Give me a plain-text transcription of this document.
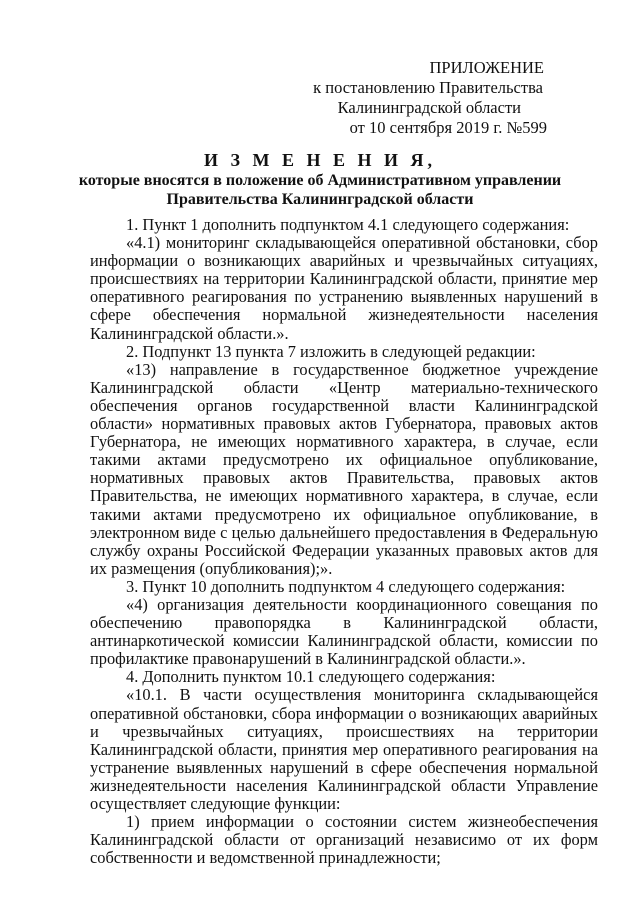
ПРИЛОЖЕНИЕ
к постановлению Правительства
Калининградской области
от 10 сентября 2019 г. №599
И З М Е Н Е Н И Я,
которые вносятся в положение об Административном управлении
Правительства Калининградской области

1. Пункт 1 дополнить подпунктом 4.1 следующего содержания:

«4.1) мониторинг складывающейся оперативной обстановки, сбор информации о возникающих аварийных и чрезвычайных ситуациях, происшествиях на территории Калининградской области, принятие мер оперативного реагирования по устранению выявленных нарушений в сфере обеспечения нормальной жизнедеятельности населения Калининградской области.».

2. Подпункт 13 пункта 7 изложить в следующей редакции:

«13) направление в государственное бюджетное учреждение Калининградской области «Центр материально-технического обеспечения органов государственной власти Калининградской области» нормативных правовых актов Губернатора, правовых актов Губернатора, не имеющих нормативного характера, в случае, если такими актами предусмотрено их официальное опубликование, нормативных правовых актов Правительства, правовых актов Правительства, не имеющих нормативного характера, в случае, если такими актами предусмотрено их официальное опубликование, в электронном виде с целью дальнейшего предоставления в Федеральную службу охраны Российской Федерации указанных правовых актов для их размещения (опубликования);».

3. Пункт 10 дополнить подпунктом 4 следующего содержания:

«4) организация деятельности координационного совещания по обеспечению правопорядка в Калининградской области, антинаркотической комиссии Калининградской области, комиссии по профилактике правонарушений в Калининградской области.».

4. Дополнить пунктом 10.1 следующего содержания:

«10.1. В части осуществления мониторинга складывающейся оперативной обстановки, сбора информации о возникающих аварийных и чрезвычайных ситуациях, происшествиях на территории Калининградской области, принятия мер оперативного реагирования на устранение выявленных нарушений в сфере обеспечения нормальной жизнедеятельности населения Калининградской области Управление осуществляет следующие функции:

1) прием информации о состоянии систем жизнеобеспечения Калининградской области от организаций независимо от их форм собственности и ведомственной принадлежности;
